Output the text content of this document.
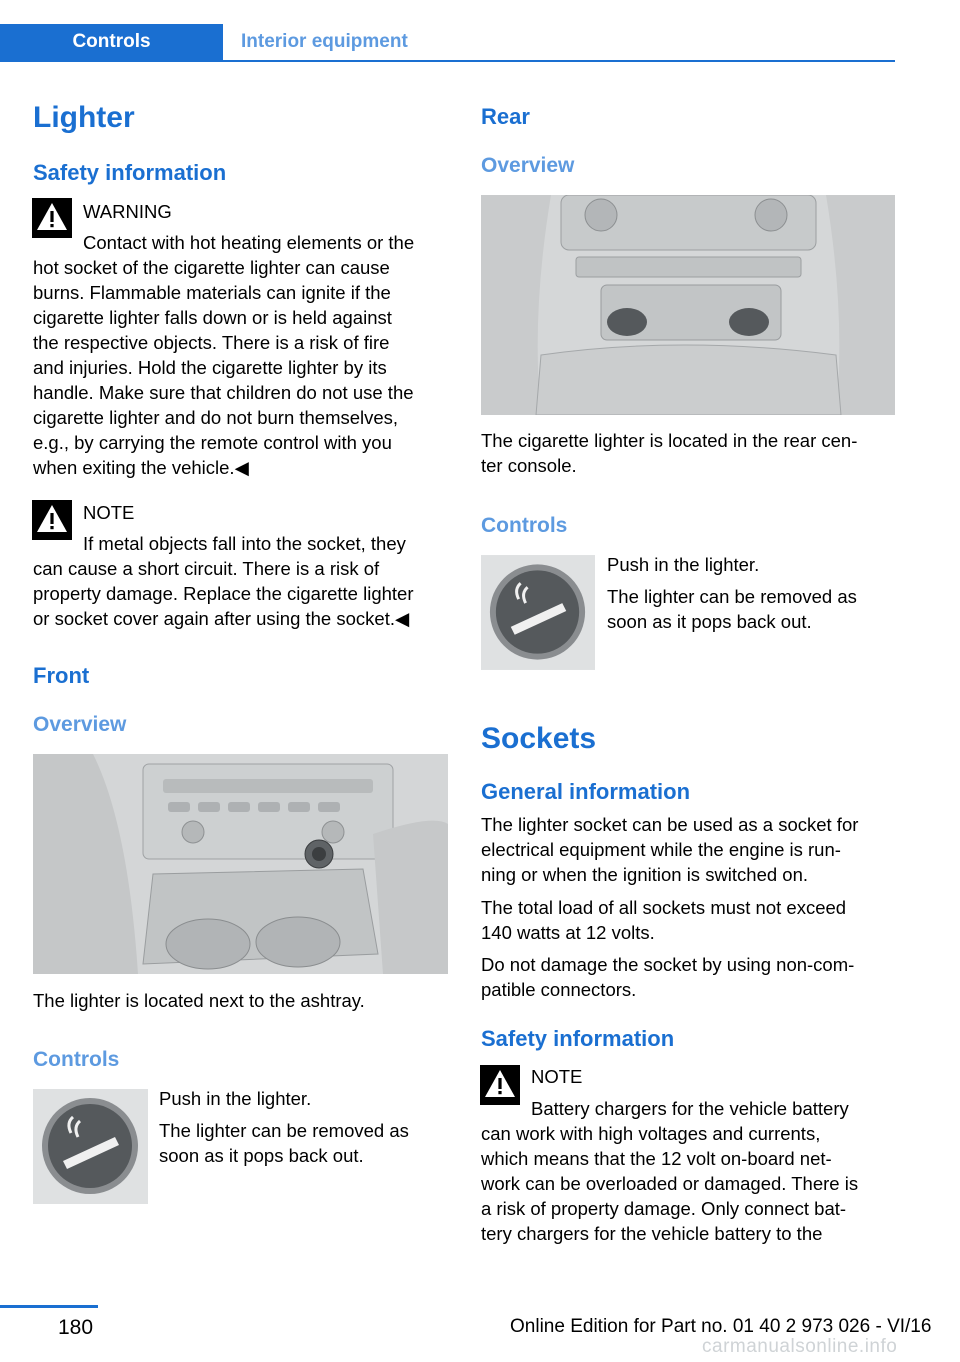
Controls	Interior equipment
Lighter
Safety information
WARNING
Contact with hot heating elements or the
hot socket of the cigarette lighter can cause
burns. Flammable materials can ignite if the
cigarette lighter falls down or is held against
the respective objects. There is a risk of fire
and injuries. Hold the cigarette lighter by its
handle. Make sure that children do not use the
cigarette lighter and do not burn themselves,
e.g., by carrying the remote control with you
when exiting the vehicle.◀
NOTE
If metal objects fall into the socket, they
can cause a short circuit. There is a risk of
property damage. Replace the cigarette lighter
or socket cover again after using the socket.◀
Front
Overview
The lighter is located next to the ashtray.
Controls
Push in the lighter.
The lighter can be removed as
soon as it pops back out.
Rear
Overview
The cigarette lighter is located in the rear cen‐
ter console.
Controls
Push in the lighter.
The lighter can be removed as
soon as it pops back out.
Sockets
General information
The lighter socket can be used as a socket for
electrical equipment while the engine is run‐
ning or when the ignition is switched on.
The total load of all sockets must not exceed
140 watts at 12 volts.
Do not damage the socket by using non-com‐
patible connectors.
Safety information
NOTE
Battery chargers for the vehicle battery
can work with high voltages and currents,
which means that the 12 volt on-board net‐
work can be overloaded or damaged. There is
a risk of property damage. Only connect bat‐
tery chargers for the vehicle battery to the
180	Online Edition for Part no. 01 40 2 973 026 - VI/16
carmanualsonline.info
